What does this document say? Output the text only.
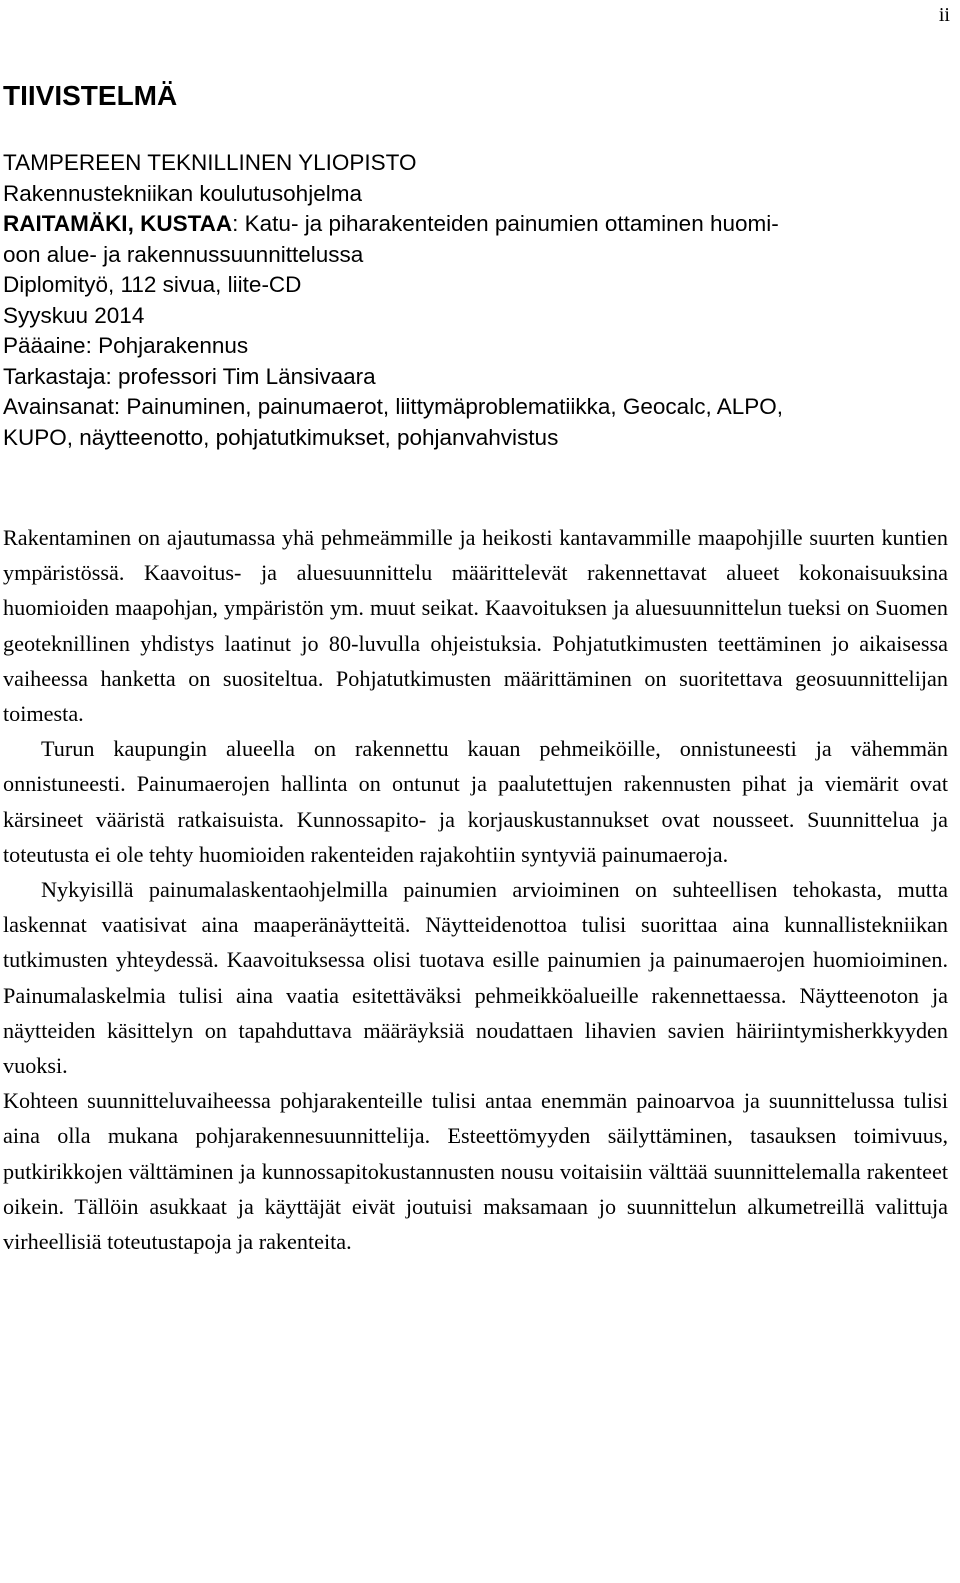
ii
TIIVISTELMÄ
TAMPEREEN TEKNILLINEN YLIOPISTO
Rakennustekniikan koulutusohjelma
RAITAMÄKI, KUSTAA: Katu- ja piharakenteiden painumien ottaminen huomi-
oon alue- ja rakennussuunnittelussa
Diplomityö, 112 sivua, liite-CD
Syyskuu 2014
Pääaine: Pohjarakennus
Tarkastaja: professori Tim Länsivaara
Avainsanat: Painuminen, painumaerot, liittymäproblematiikka, Geocalc, ALPO,
KUPO, näytteenotto, pohjatutkimukset, pohjanvahvistus

Rakentaminen on ajautumassa yhä pehmeämmille ja heikosti kantavammille maapohjille suurten kuntien ympäristössä. Kaavoitus- ja aluesuunnittelu määrittelevät rakennettavat alueet kokonaisuuksina huomioiden maapohjan, ympäristön ym. muut seikat. Kaavoituksen ja aluesuunnittelun tueksi on Suomen geoteknillinen yhdistys laatinut jo 80-luvulla ohjeistuksia. Pohjatutkimusten teettäminen jo aikaisessa vaiheessa hanketta on suositeltua. Pohjatutkimusten määrittäminen on suoritettava geosuunnittelijan toimesta.

Turun kaupungin alueella on rakennettu kauan pehmeiköille, onnistuneesti ja vähemmän onnistuneesti. Painumaerojen hallinta on ontunut ja paalutettujen rakennusten pihat ja viemärit ovat kärsineet vääristä ratkaisuista. Kunnossapito- ja korjauskustannukset ovat nousseet. Suunnittelua ja toteutusta ei ole tehty huomioiden rakenteiden rajakohtiin syntyviä painumaeroja.

Nykyisillä painumalaskentaohjelmilla painumien arvioiminen on suhteellisen tehokasta, mutta laskennat vaatisivat aina maaperänäytteitä. Näytteidenottoa tulisi suorittaa aina kunnallistekniikan tutkimusten yhteydessä. Kaavoituksessa olisi tuotava esille painumien ja painumaerojen huomioiminen. Painumalaskelmia tulisi aina vaatia esitettäväksi pehmeikköalueille rakennettaessa. Näytteenoton ja näytteiden käsittelyn on tapahduttava määräyksiä noudattaen lihavien savien häiriintymisherkkyyden vuoksi.

Kohteen suunnitteluvaiheessa pohjarakenteille tulisi antaa enemmän painoarvoa ja suunnittelussa tulisi aina olla mukana pohjarakennesuunnittelija. Esteettömyyden säilyttäminen, tasauksen toimivuus, putkirikkojen välttäminen ja kunnossapitokustannusten nousu voitaisiin välttää suunnittelemalla rakenteet oikein. Tällöin asukkaat ja käyttäjät eivät joutuisi maksamaan jo suunnittelun alkumetreillä valittuja virheellisiä toteutustapoja ja rakenteita.
